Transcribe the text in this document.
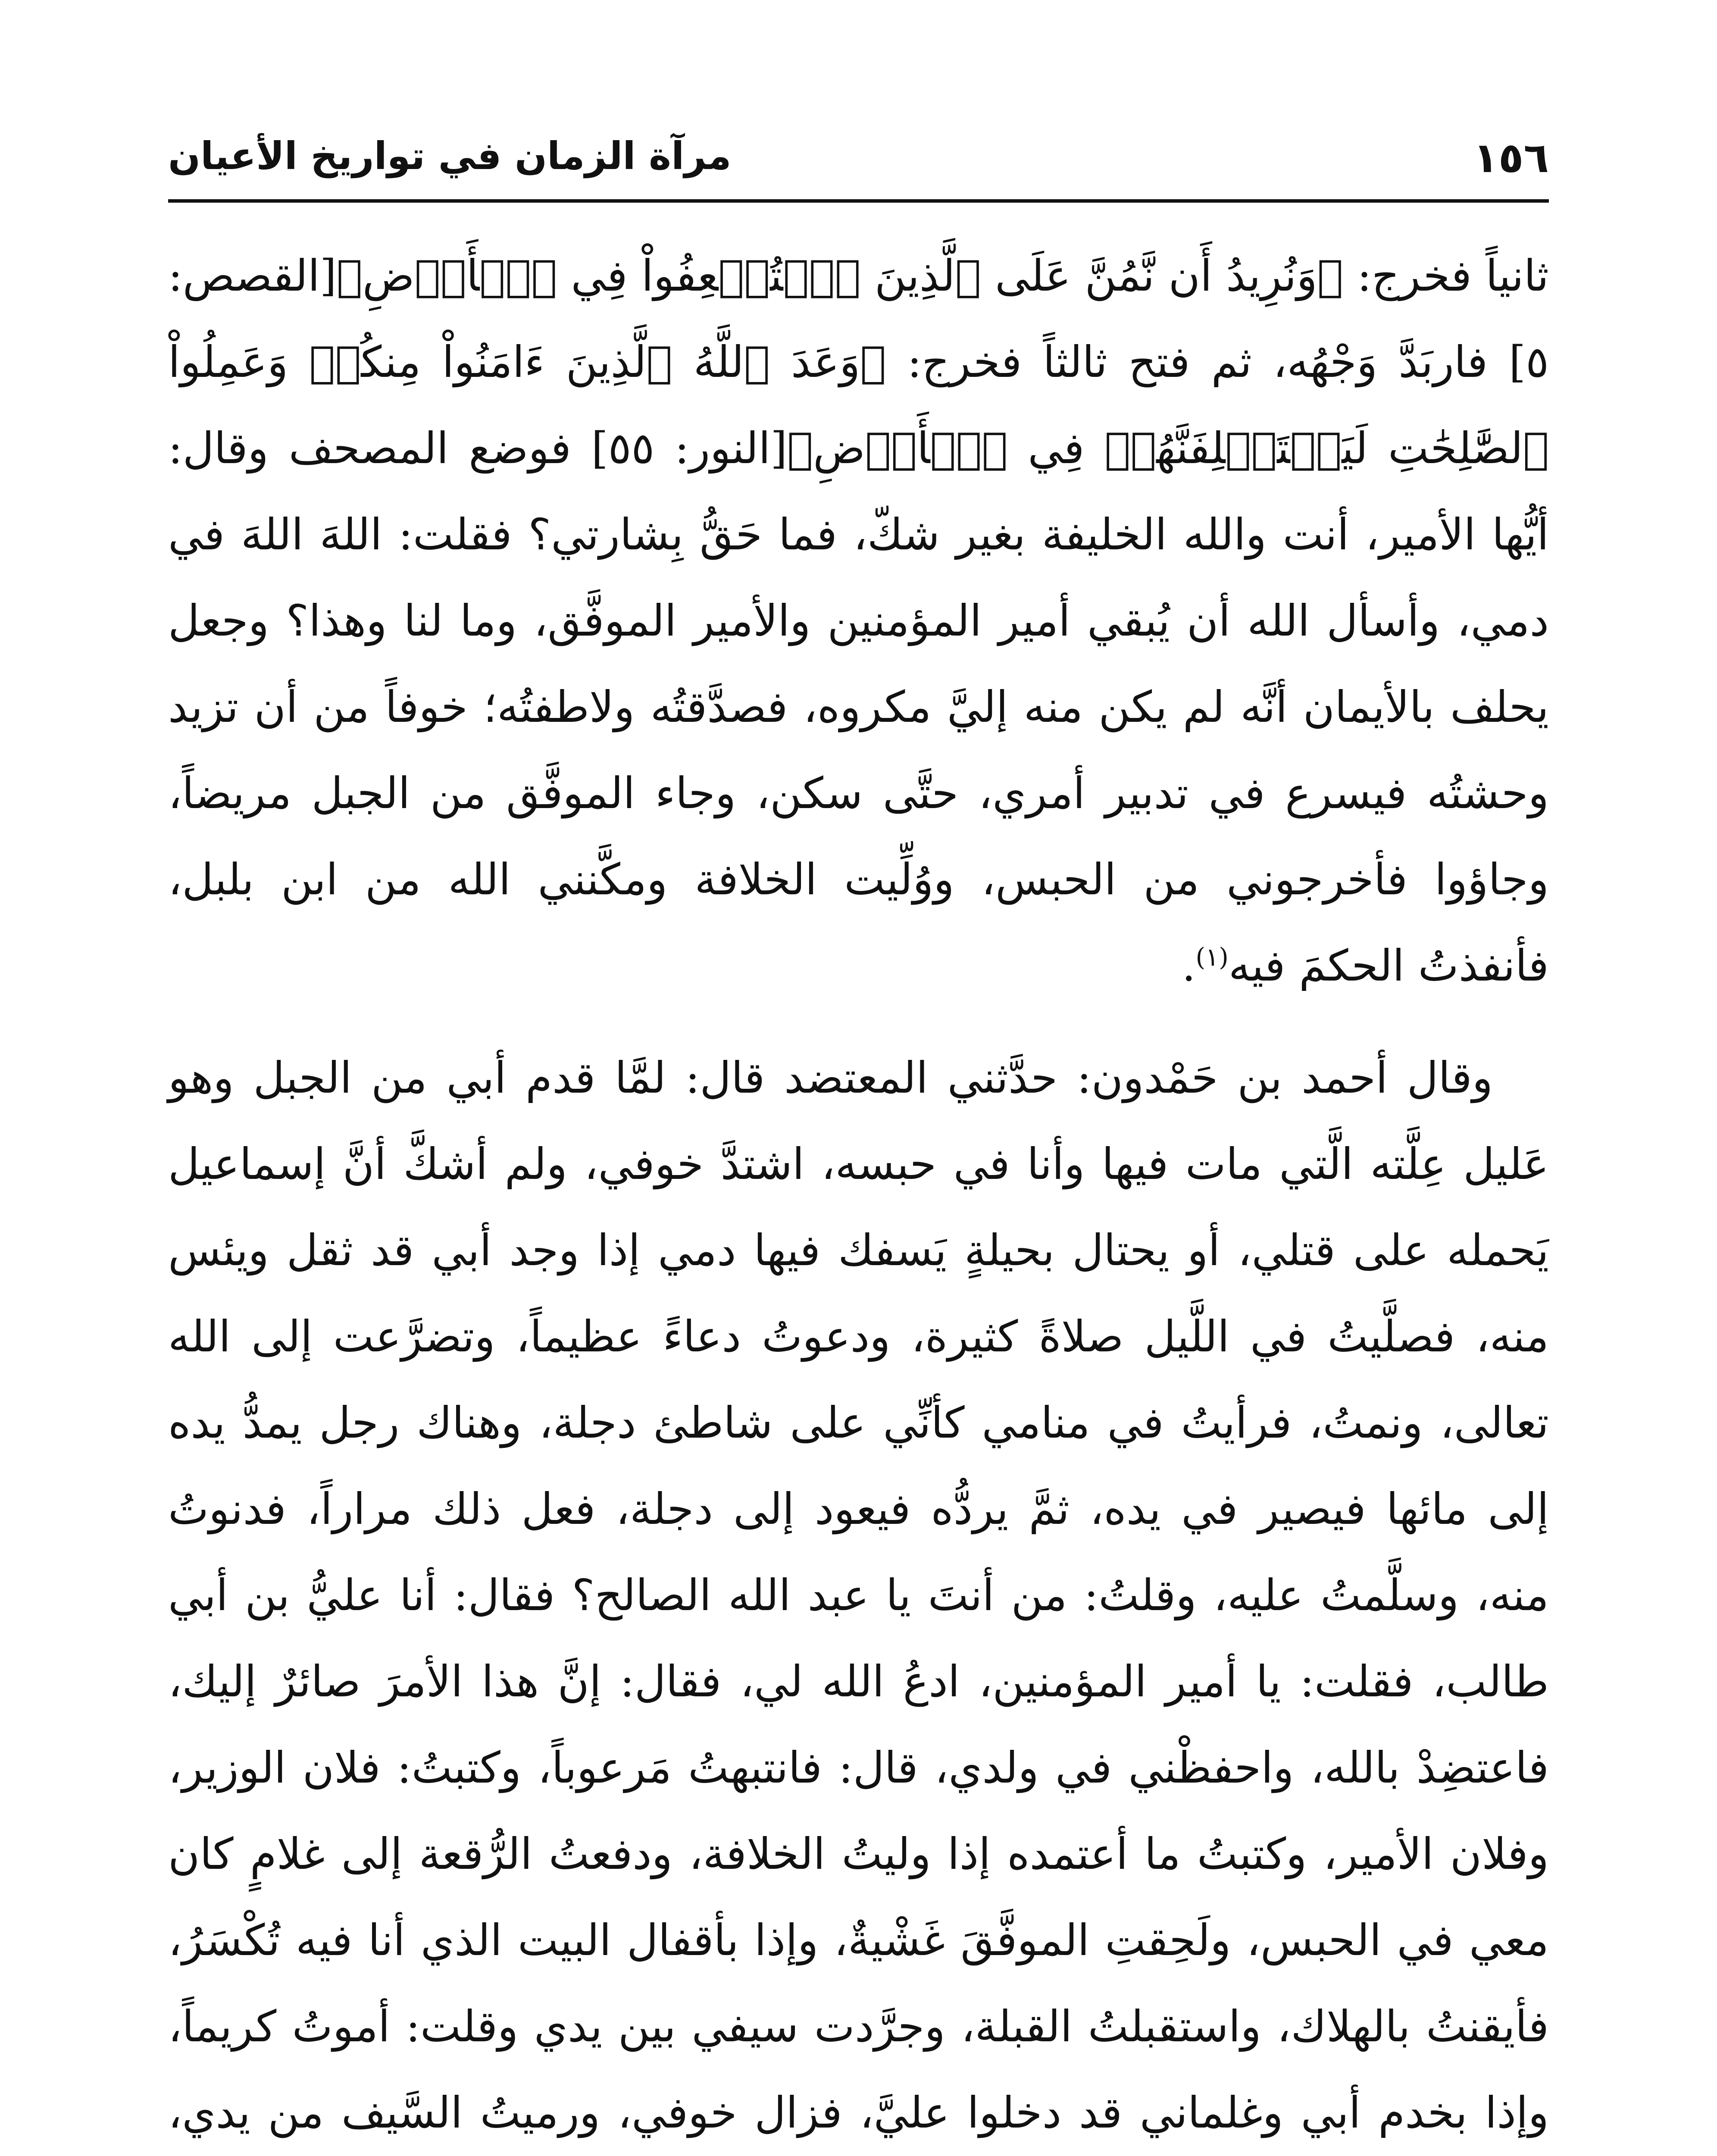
١٥٦
مرآة الزمان في تواريخ الأعيان

ثانياً فخرج: ﴿وَنُرِيدُ أَن نَّمُنَّ عَلَى ٱلَّذِينَ ٱسۡتُضۡعِفُواْ فِي ٱلۡأَرۡضِ﴾[القصص: ٥] فاربَدَّ وَجْهُه، ثم فتح ثالثاً فخرج: ﴿وَعَدَ ٱللَّهُ ٱلَّذِينَ ءَامَنُواْ مِنكُمۡ وَعَمِلُواْ ٱلصَّٰلِحَٰتِ لَيَسۡتَخۡلِفَنَّهُمۡ فِي ٱلۡأَرۡضِ﴾[النور: ٥٥] فوضع المصحف وقال: أيُّها الأمير، أنت والله الخليفة بغير شكّ، فما حَقُّ بِشارتي؟ فقلت: اللهَ اللهَ في دمي، وأسأل الله أن يُبقي أمير المؤمنين والأمير الموفَّق، وما لنا وهذا؟ وجعل يحلف بالأيمان أنَّه لم يكن منه إليَّ مكروه، فصدَّقتُه ولاطفتُه؛ خوفاً من أن تزيد وحشتُه فيسرع في تدبير أمري، حتَّى سكن، وجاء الموفَّق من الجبل مريضاً، وجاؤوا فأخرجوني من الحبس، ووُلِّيت الخلافة ومكَّنني الله من ابن بلبل، فأنفذتُ الحكمَ فيه$^{(١)}$.

وقال أحمد بن حَمْدون: حدَّثني المعتضد قال: لمَّا قدم أبي من الجبل وهو عَليل عِلَّته الَّتي مات فيها وأنا في حبسه، اشتدَّ خوفي، ولم أشكَّ أنَّ إسماعيل يَحمله على قتلي، أو يحتال بحيلةٍ يَسفك فيها دمي إذا وجد أبي قد ثقل ويئس منه، فصلَّيتُ في اللَّيل صلاةً كثيرة، ودعوتُ دعاءً عظيماً، وتضرَّعت إلى الله تعالى، ونمتُ، فرأيتُ في منامي كأنِّي على شاطئ دجلة، وهناك رجل يمدُّ يده إلى مائها فيصير في يده، ثمَّ يردُّه فيعود إلى دجلة، فعل ذلك مراراً، فدنوتُ منه، وسلَّمتُ عليه، وقلتُ: من أنتَ يا عبد الله الصالح؟ فقال: أنا عليُّ بن أبي طالب، فقلت: يا أمير المؤمنين، ادعُ الله لي، فقال: إنَّ هذا الأمرَ صائرٌ إليك، فاعتضِدْ بالله، واحفظْني في ولدي، قال: فانتبهتُ مَرعوباً، وكتبتُ: فلان الوزير، وفلان الأمير، وكتبتُ ما أعتمده إذا وليتُ الخلافة، ودفعتُ الرُّقعة إلى غلامٍ كان معي في الحبس، ولَحِقتِ الموفَّقَ غَشْيةٌ، وإذا بأقفال البيت الذي أنا فيه تُكْسَرُ، فأيقنتُ بالهلاك، واستقبلتُ القبلة، وجرَّدت سيفي بين يدي وقلت: أموتُ كريماً، وإذا بخدم أبي وغلماني قد دخلوا عليَّ، فزال خوفي، ورميتُ السَّيف من يدي،
